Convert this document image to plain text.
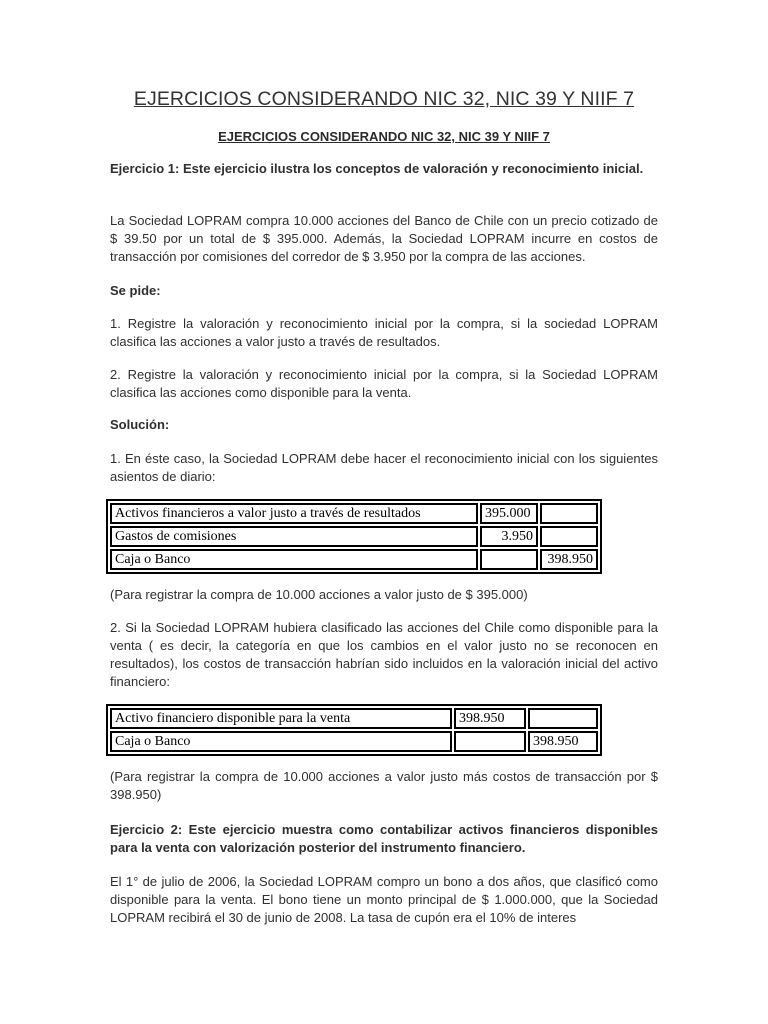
EJERCICIOS CONSIDERANDO NIC 32, NIC 39 Y NIIF 7
EJERCICIOS CONSIDERANDO NIC 32, NIC 39 Y NIIF 7

Ejercicio 1: Este ejercicio ilustra los conceptos de valoración y reconocimiento inicial.

La Sociedad LOPRAM compra 10.000 acciones del Banco de Chile con un precio cotizado de $ 39.50 por un total de $ 395.000. Además, la Sociedad LOPRAM incurre en costos de transacción por comisiones del corredor de $ 3.950 por la compra de las acciones.

Se pide:

1. Registre la valoración y reconocimiento inicial por la compra, si la sociedad LOPRAM clasifica las acciones a valor justo a través de resultados.

2. Registre la valoración y reconocimiento inicial por la compra, si la Sociedad LOPRAM clasifica las acciones como disponible para la venta.

Solución:

1. En éste caso, la Sociedad LOPRAM debe hacer el reconocimiento inicial con los siguientes asientos de diario:

Activos financieros a valor justo a través de resultados	395.000	
Gastos de comisiones	3.950	
Caja o Banco		398.950

(Para registrar la compra de 10.000 acciones a valor justo de $ 395.000)

2. Si la Sociedad LOPRAM hubiera clasificado las acciones del Chile como disponible para la venta ( es decir, la categoría en que los cambios en el valor justo no se reconocen en resultados), los costos de transacción habrían sido incluidos en la valoración inicial del activo financiero:

Activo financiero disponible para la venta	398.950	
Caja o Banco		398.950

(Para registrar la compra de 10.000 acciones a valor justo más costos de transacción por $ 398.950)

Ejercicio 2: Este ejercicio muestra como contabilizar activos financieros disponibles para la venta con valorización posterior del instrumento financiero.

El 1° de julio de 2006, la Sociedad LOPRAM compro un bono a dos años, que clasificó como disponible para la venta. El bono tiene un monto principal de $ 1.000.000, que la Sociedad LOPRAM recibirá el 30 de junio de 2008. La tasa de cupón era el 10% de interes
